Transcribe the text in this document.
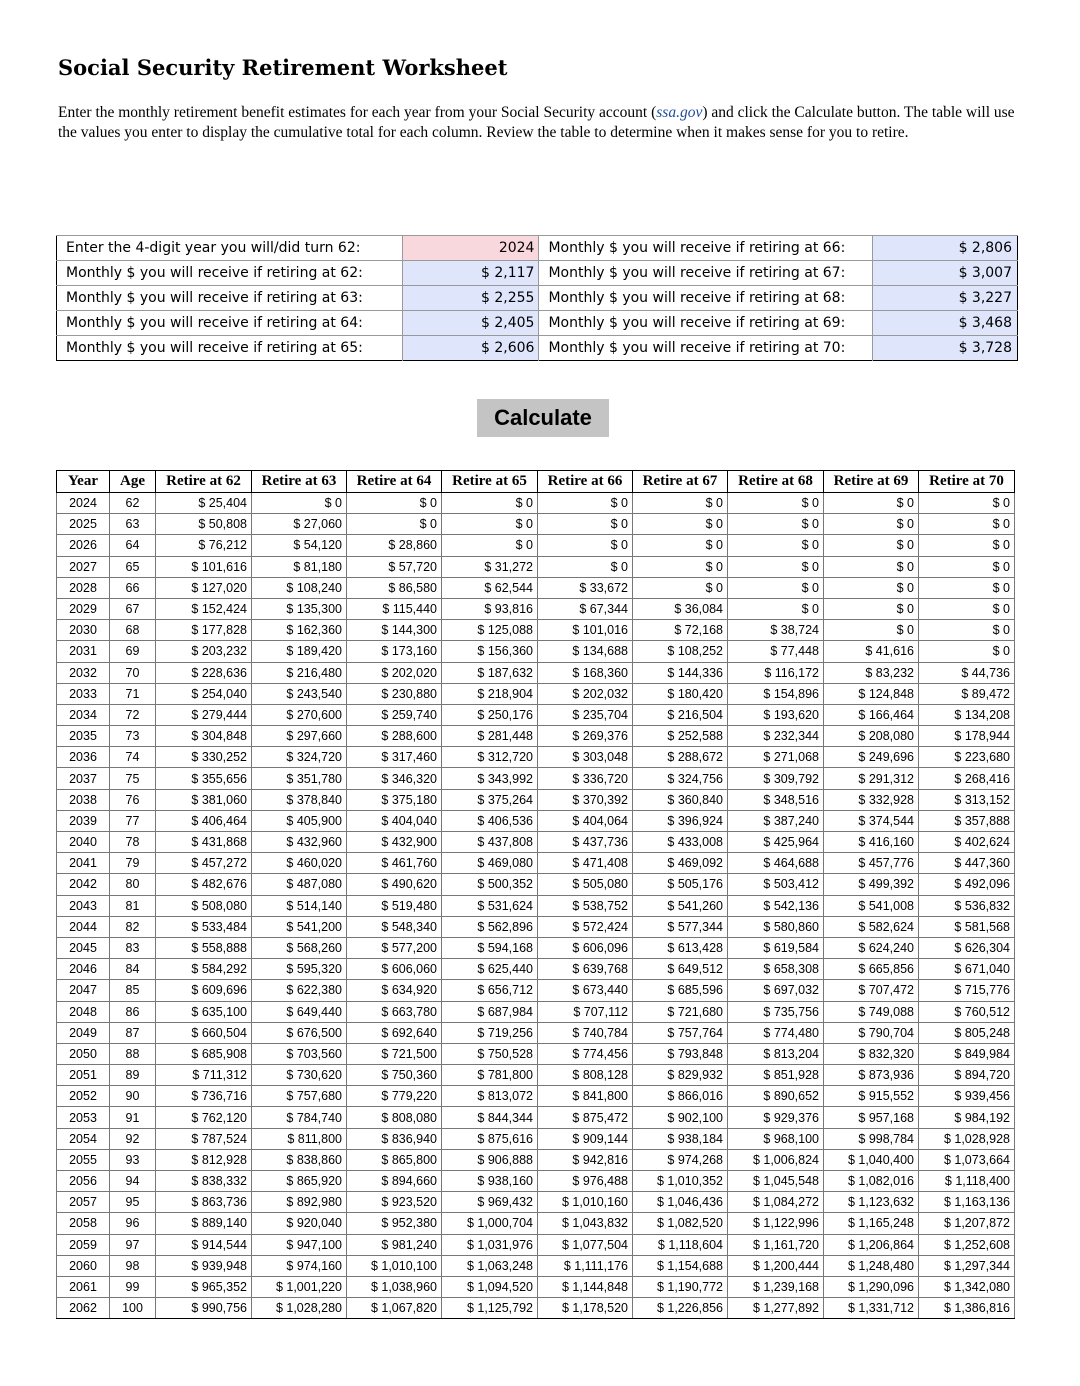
Social Security Retirement Worksheet

Enter the monthly retirement benefit estimates for each year from your Social Security account (ssa.gov) and click the Calculate button. The table will use the values you enter to display the cumulative total for each column. Review the table to determine when it makes sense for you to retire.

Enter the 4-digit year you will/did turn 62:	2024	Monthly $ you will receive if retiring at 66:	$ 2,806
Monthly $ you will receive if retiring at 62:	$ 2,117	Monthly $ you will receive if retiring at 67:	$ 3,007
Monthly $ you will receive if retiring at 63:	$ 2,255	Monthly $ you will receive if retiring at 68:	$ 3,227
Monthly $ you will receive if retiring at 64:	$ 2,405	Monthly $ you will receive if retiring at 69:	$ 3,468
Monthly $ you will receive if retiring at 65:	$ 2,606	Monthly $ you will receive if retiring at 70:	$ 3,728
Calculate
Year	Age	Retire at 62	Retire at 63	Retire at 64	Retire at 65	Retire at 66	Retire at 67	Retire at 68	Retire at 69	Retire at 70
2024	62	$ 25,404	$ 0	$ 0	$ 0	$ 0	$ 0	$ 0	$ 0	$ 0
2025	63	$ 50,808	$ 27,060	$ 0	$ 0	$ 0	$ 0	$ 0	$ 0	$ 0
2026	64	$ 76,212	$ 54,120	$ 28,860	$ 0	$ 0	$ 0	$ 0	$ 0	$ 0
2027	65	$ 101,616	$ 81,180	$ 57,720	$ 31,272	$ 0	$ 0	$ 0	$ 0	$ 0
2028	66	$ 127,020	$ 108,240	$ 86,580	$ 62,544	$ 33,672	$ 0	$ 0	$ 0	$ 0
2029	67	$ 152,424	$ 135,300	$ 115,440	$ 93,816	$ 67,344	$ 36,084	$ 0	$ 0	$ 0
2030	68	$ 177,828	$ 162,360	$ 144,300	$ 125,088	$ 101,016	$ 72,168	$ 38,724	$ 0	$ 0
2031	69	$ 203,232	$ 189,420	$ 173,160	$ 156,360	$ 134,688	$ 108,252	$ 77,448	$ 41,616	$ 0
2032	70	$ 228,636	$ 216,480	$ 202,020	$ 187,632	$ 168,360	$ 144,336	$ 116,172	$ 83,232	$ 44,736
2033	71	$ 254,040	$ 243,540	$ 230,880	$ 218,904	$ 202,032	$ 180,420	$ 154,896	$ 124,848	$ 89,472
2034	72	$ 279,444	$ 270,600	$ 259,740	$ 250,176	$ 235,704	$ 216,504	$ 193,620	$ 166,464	$ 134,208
2035	73	$ 304,848	$ 297,660	$ 288,600	$ 281,448	$ 269,376	$ 252,588	$ 232,344	$ 208,080	$ 178,944
2036	74	$ 330,252	$ 324,720	$ 317,460	$ 312,720	$ 303,048	$ 288,672	$ 271,068	$ 249,696	$ 223,680
2037	75	$ 355,656	$ 351,780	$ 346,320	$ 343,992	$ 336,720	$ 324,756	$ 309,792	$ 291,312	$ 268,416
2038	76	$ 381,060	$ 378,840	$ 375,180	$ 375,264	$ 370,392	$ 360,840	$ 348,516	$ 332,928	$ 313,152
2039	77	$ 406,464	$ 405,900	$ 404,040	$ 406,536	$ 404,064	$ 396,924	$ 387,240	$ 374,544	$ 357,888
2040	78	$ 431,868	$ 432,960	$ 432,900	$ 437,808	$ 437,736	$ 433,008	$ 425,964	$ 416,160	$ 402,624
2041	79	$ 457,272	$ 460,020	$ 461,760	$ 469,080	$ 471,408	$ 469,092	$ 464,688	$ 457,776	$ 447,360
2042	80	$ 482,676	$ 487,080	$ 490,620	$ 500,352	$ 505,080	$ 505,176	$ 503,412	$ 499,392	$ 492,096
2043	81	$ 508,080	$ 514,140	$ 519,480	$ 531,624	$ 538,752	$ 541,260	$ 542,136	$ 541,008	$ 536,832
2044	82	$ 533,484	$ 541,200	$ 548,340	$ 562,896	$ 572,424	$ 577,344	$ 580,860	$ 582,624	$ 581,568
2045	83	$ 558,888	$ 568,260	$ 577,200	$ 594,168	$ 606,096	$ 613,428	$ 619,584	$ 624,240	$ 626,304
2046	84	$ 584,292	$ 595,320	$ 606,060	$ 625,440	$ 639,768	$ 649,512	$ 658,308	$ 665,856	$ 671,040
2047	85	$ 609,696	$ 622,380	$ 634,920	$ 656,712	$ 673,440	$ 685,596	$ 697,032	$ 707,472	$ 715,776
2048	86	$ 635,100	$ 649,440	$ 663,780	$ 687,984	$ 707,112	$ 721,680	$ 735,756	$ 749,088	$ 760,512
2049	87	$ 660,504	$ 676,500	$ 692,640	$ 719,256	$ 740,784	$ 757,764	$ 774,480	$ 790,704	$ 805,248
2050	88	$ 685,908	$ 703,560	$ 721,500	$ 750,528	$ 774,456	$ 793,848	$ 813,204	$ 832,320	$ 849,984
2051	89	$ 711,312	$ 730,620	$ 750,360	$ 781,800	$ 808,128	$ 829,932	$ 851,928	$ 873,936	$ 894,720
2052	90	$ 736,716	$ 757,680	$ 779,220	$ 813,072	$ 841,800	$ 866,016	$ 890,652	$ 915,552	$ 939,456
2053	91	$ 762,120	$ 784,740	$ 808,080	$ 844,344	$ 875,472	$ 902,100	$ 929,376	$ 957,168	$ 984,192
2054	92	$ 787,524	$ 811,800	$ 836,940	$ 875,616	$ 909,144	$ 938,184	$ 968,100	$ 998,784	$ 1,028,928
2055	93	$ 812,928	$ 838,860	$ 865,800	$ 906,888	$ 942,816	$ 974,268	$ 1,006,824	$ 1,040,400	$ 1,073,664
2056	94	$ 838,332	$ 865,920	$ 894,660	$ 938,160	$ 976,488	$ 1,010,352	$ 1,045,548	$ 1,082,016	$ 1,118,400
2057	95	$ 863,736	$ 892,980	$ 923,520	$ 969,432	$ 1,010,160	$ 1,046,436	$ 1,084,272	$ 1,123,632	$ 1,163,136
2058	96	$ 889,140	$ 920,040	$ 952,380	$ 1,000,704	$ 1,043,832	$ 1,082,520	$ 1,122,996	$ 1,165,248	$ 1,207,872
2059	97	$ 914,544	$ 947,100	$ 981,240	$ 1,031,976	$ 1,077,504	$ 1,118,604	$ 1,161,720	$ 1,206,864	$ 1,252,608
2060	98	$ 939,948	$ 974,160	$ 1,010,100	$ 1,063,248	$ 1,111,176	$ 1,154,688	$ 1,200,444	$ 1,248,480	$ 1,297,344
2061	99	$ 965,352	$ 1,001,220	$ 1,038,960	$ 1,094,520	$ 1,144,848	$ 1,190,772	$ 1,239,168	$ 1,290,096	$ 1,342,080
2062	100	$ 990,756	$ 1,028,280	$ 1,067,820	$ 1,125,792	$ 1,178,520	$ 1,226,856	$ 1,277,892	$ 1,331,712	$ 1,386,816
